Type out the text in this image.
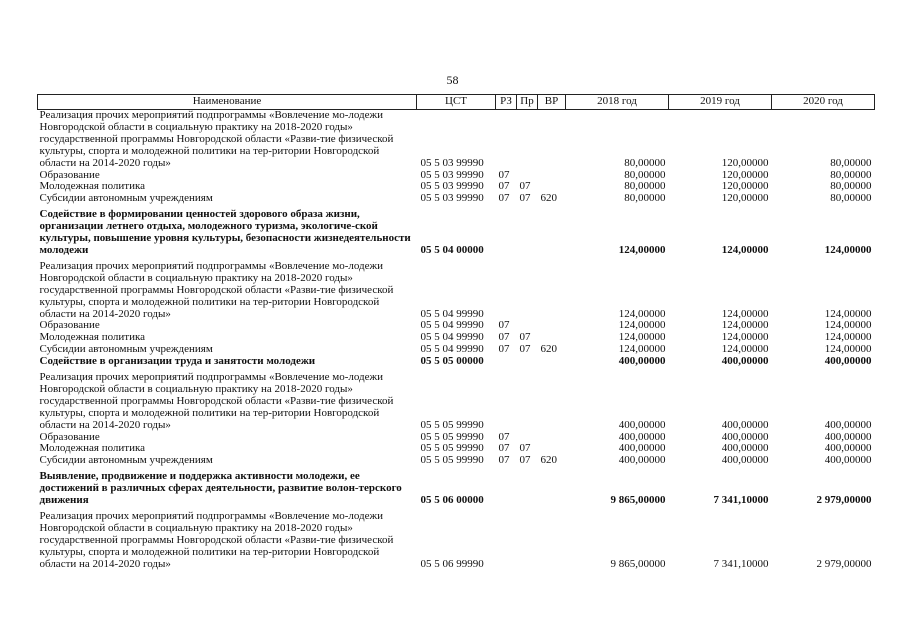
58
Наименование	ЦСТ	РЗ	Пр	ВР	2018 год	2019 год	2020 год
Реализация прочих мероприятий подпрограммы «Вовлечение мо-лодежи Новгородской области в социальную практику на 2018-2020 годы» государственной программы Новгородской области «Разви-тие физической культуры, спорта и молодежной политики на тер-ритории Новгородской области на 2014-2020 годы»	05 5 03 99990				80,00000	120,00000	80,00000
Образование	05 5 03 99990	07			80,00000	120,00000	80,00000
Молодежная политика	05 5 03 99990	07	07		80,00000	120,00000	80,00000
Субсидии автономным учреждениям	05 5 03 99990	07	07	620	80,00000	120,00000	80,00000
Содействие в формировании ценностей здорового образа жизни, организации летнего отдыха, молодежного туризма, экологиче-ской культуры, повышение уровня культуры, безопасности жизнедеятельности молодежи	05 5 04 00000				124,00000	124,00000	124,00000
Реализация прочих мероприятий подпрограммы «Вовлечение мо-лодежи Новгородской области в социальную практику на 2018-2020 годы» государственной программы Новгородской области «Разви-тие физической культуры, спорта и молодежной политики на тер-ритории Новгородской области на 2014-2020 годы»	05 5 04 99990				124,00000	124,00000	124,00000
Образование	05 5 04 99990	07			124,00000	124,00000	124,00000
Молодежная политика	05 5 04 99990	07	07		124,00000	124,00000	124,00000
Субсидии автономным учреждениям	05 5 04 99990	07	07	620	124,00000	124,00000	124,00000
Содействие в организации труда и занятости молодежи	05 5 05 00000				400,00000	400,00000	400,00000
Реализация прочих мероприятий подпрограммы «Вовлечение мо-лодежи Новгородской области в социальную практику на 2018-2020 годы» государственной программы Новгородской области «Разви-тие физической культуры, спорта и молодежной политики на тер-ритории Новгородской области на 2014-2020 годы»	05 5 05 99990				400,00000	400,00000	400,00000
Образование	05 5 05 99990	07			400,00000	400,00000	400,00000
Молодежная политика	05 5 05 99990	07	07		400,00000	400,00000	400,00000
Субсидии автономным учреждениям	05 5 05 99990	07	07	620	400,00000	400,00000	400,00000
Выявление, продвижение и поддержка активности молодежи, ее достижений в различных сферах деятельности, развитие волон-терского движения	05 5 06 00000				9 865,00000	7 341,10000	2 979,00000
Реализация прочих мероприятий подпрограммы «Вовлечение мо-лодежи Новгородской области в социальную практику на 2018-2020 годы» государственной программы Новгородской области «Разви-тие физической культуры, спорта и молодежной политики на тер-ритории Новгородской области на 2014-2020 годы»	05 5 06 99990				9 865,00000	7 341,10000	2 979,00000
